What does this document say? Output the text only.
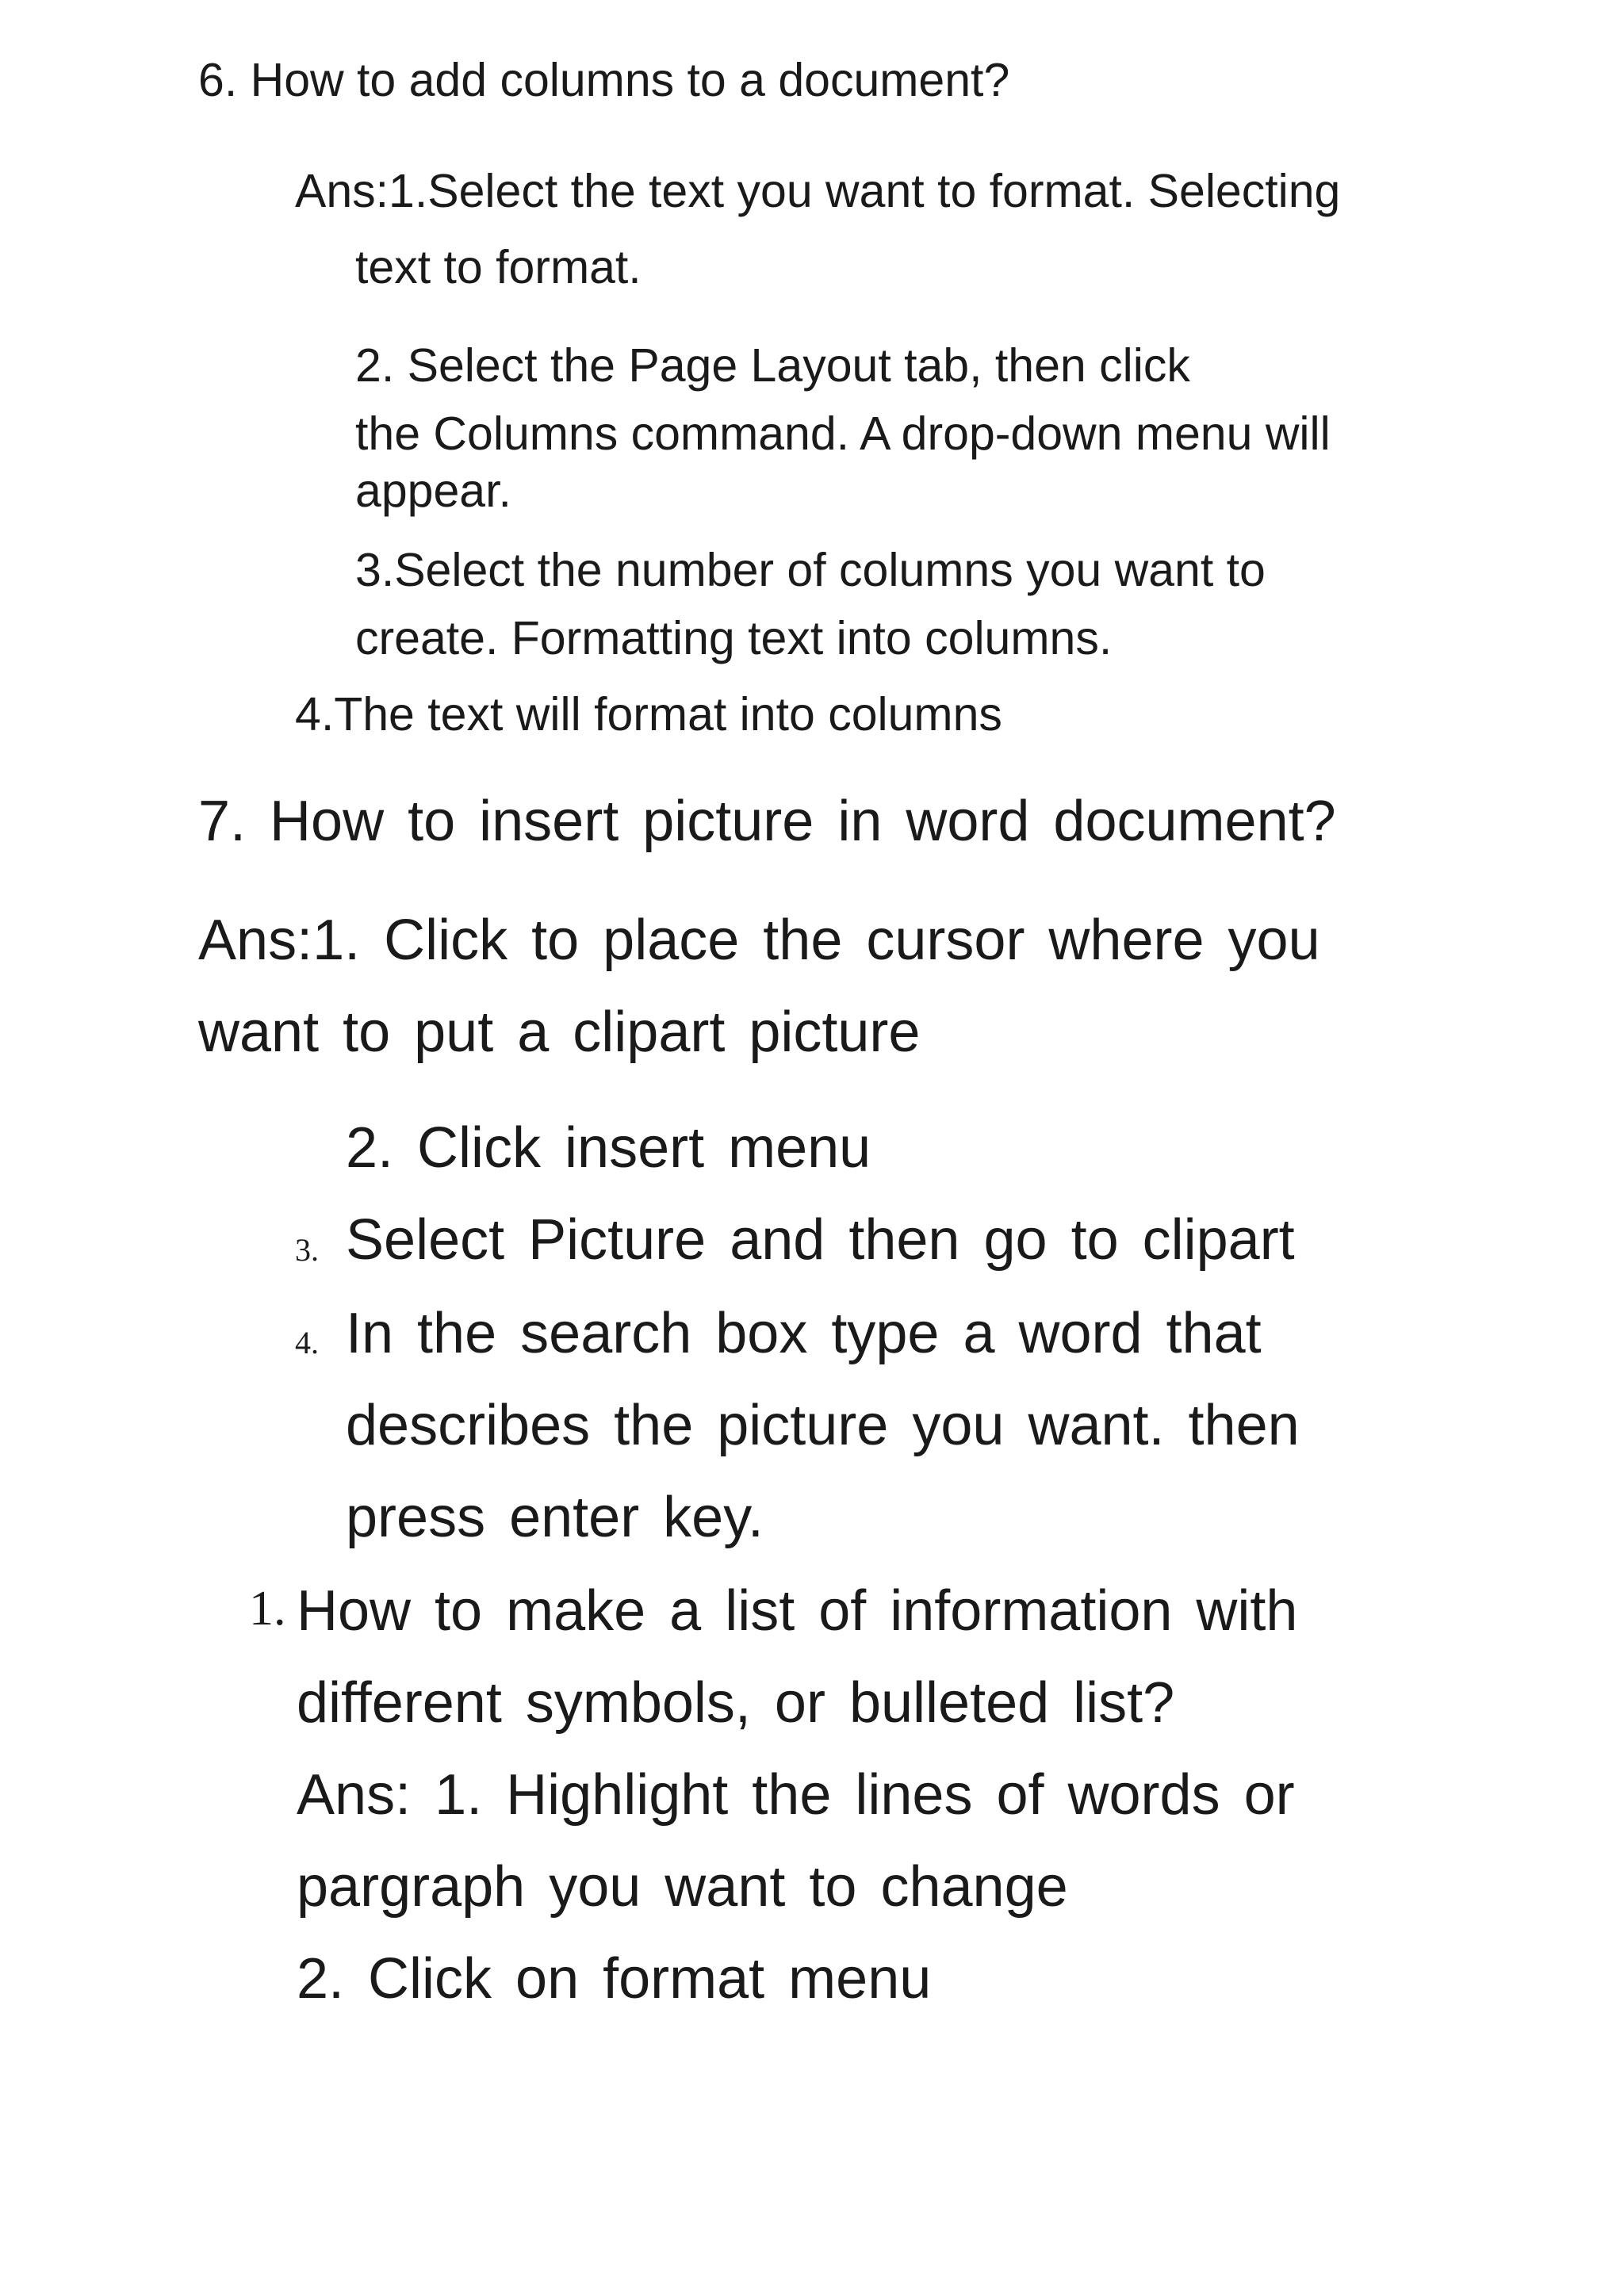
6. How to add columns to a document?
Ans:1.Select the text you want to format. Selecting
text to format.
2. Select the Page Layout tab, then click
the Columns command. A drop-down menu will
appear.
3.Select the number of columns you want to
create. Formatting text into columns.
4.The text will format into columns
7. How to insert picture in word document?
Ans:1. Click to place the cursor where you
want to put a clipart picture
2. Click insert menu
3. Select Picture and then go to clipart
4. In the search box type a word that
describes the picture you want. then
press enter key.
1. How to make a list of information with
different symbols, or bulleted list?
Ans: 1. Highlight the lines of words or
pargraph you want to change
2. Click on format menu
